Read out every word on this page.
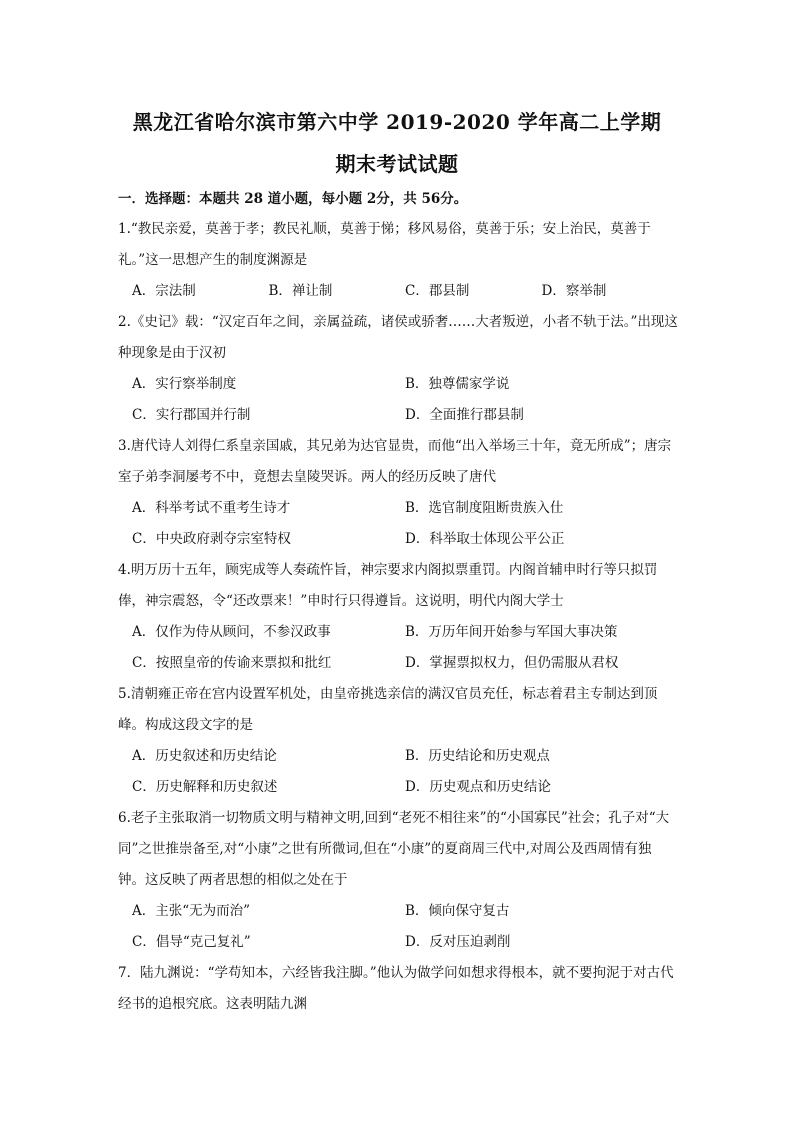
黑龙江省哈尔滨市第六中学 2019-2020 学年高二上学期
期末考试试题
一．选择题：本题共 28 道小题，每小题 2分，共 56分。
1.“教民亲爱，莫善于孝；教民礼顺，莫善于悌；移风易俗，莫善于乐；安上治民，莫善于礼。”这一思想产生的制度渊源是
A．宗法制	B．禅让制	C．郡县制	D．察举制
2.《史记》载：“汉定百年之间，亲属益疏，诸侯或骄奢……大者叛逆，小者不轨于法。”出现这种现象是由于汉初
A．实行察举制度	B．独尊儒家学说
C．实行郡国并行制	D．全面推行郡县制
3.唐代诗人刘得仁系皇亲国戚，其兄弟为达官显贵，而他“出入举场三十年，竟无所成”；唐宗室子弟李洞屡考不中，竟想去皇陵哭诉。两人的经历反映了唐代
A．科举考试不重考生诗才	B．选官制度阻断贵族入仕
C．中央政府剥夺宗室特权	D．科举取士体现公平公正
4.明万历十五年，顾宪成等人奏疏忤旨，神宗要求内阁拟票重罚。内阁首辅申时行等只拟罚俸，神宗震怒，令“还改票来！”申时行只得遵旨。这说明，明代内阁大学士
A．仅作为侍从顾问，不参汉政事	B．万历年间开始参与军国大事决策
C．按照皇帝的传谕来票拟和批红	D．掌握票拟权力，但仍需服从君权
5.清朝雍正帝在宫内设置军机处，由皇帝挑选亲信的满汉官员充任，标志着君主专制达到顶峰。构成这段文字的是
A．历史叙述和历史结论	B．历史结论和历史观点
C．历史解释和历史叙述	D．历史观点和历史结论
6.老子主张取消一切物质文明与精神文明,回到“老死不相往来”的“小国寡民”社会；孔子对“大同”之世推崇备至,对“小康”之世有所微词,但在“小康”的夏商周三代中,对周公及西周情有独钟。这反映了两者思想的相似之处在于
A．主张“无为而治”	B．倾向保守复古
C．倡导“克己复礼”	D．反对压迫剥削
7．陆九渊说：“学苟知本，六经皆我注脚。”他认为做学问如想求得根本，就不要拘泥于对古代经书的追根究底。这表明陆九渊
